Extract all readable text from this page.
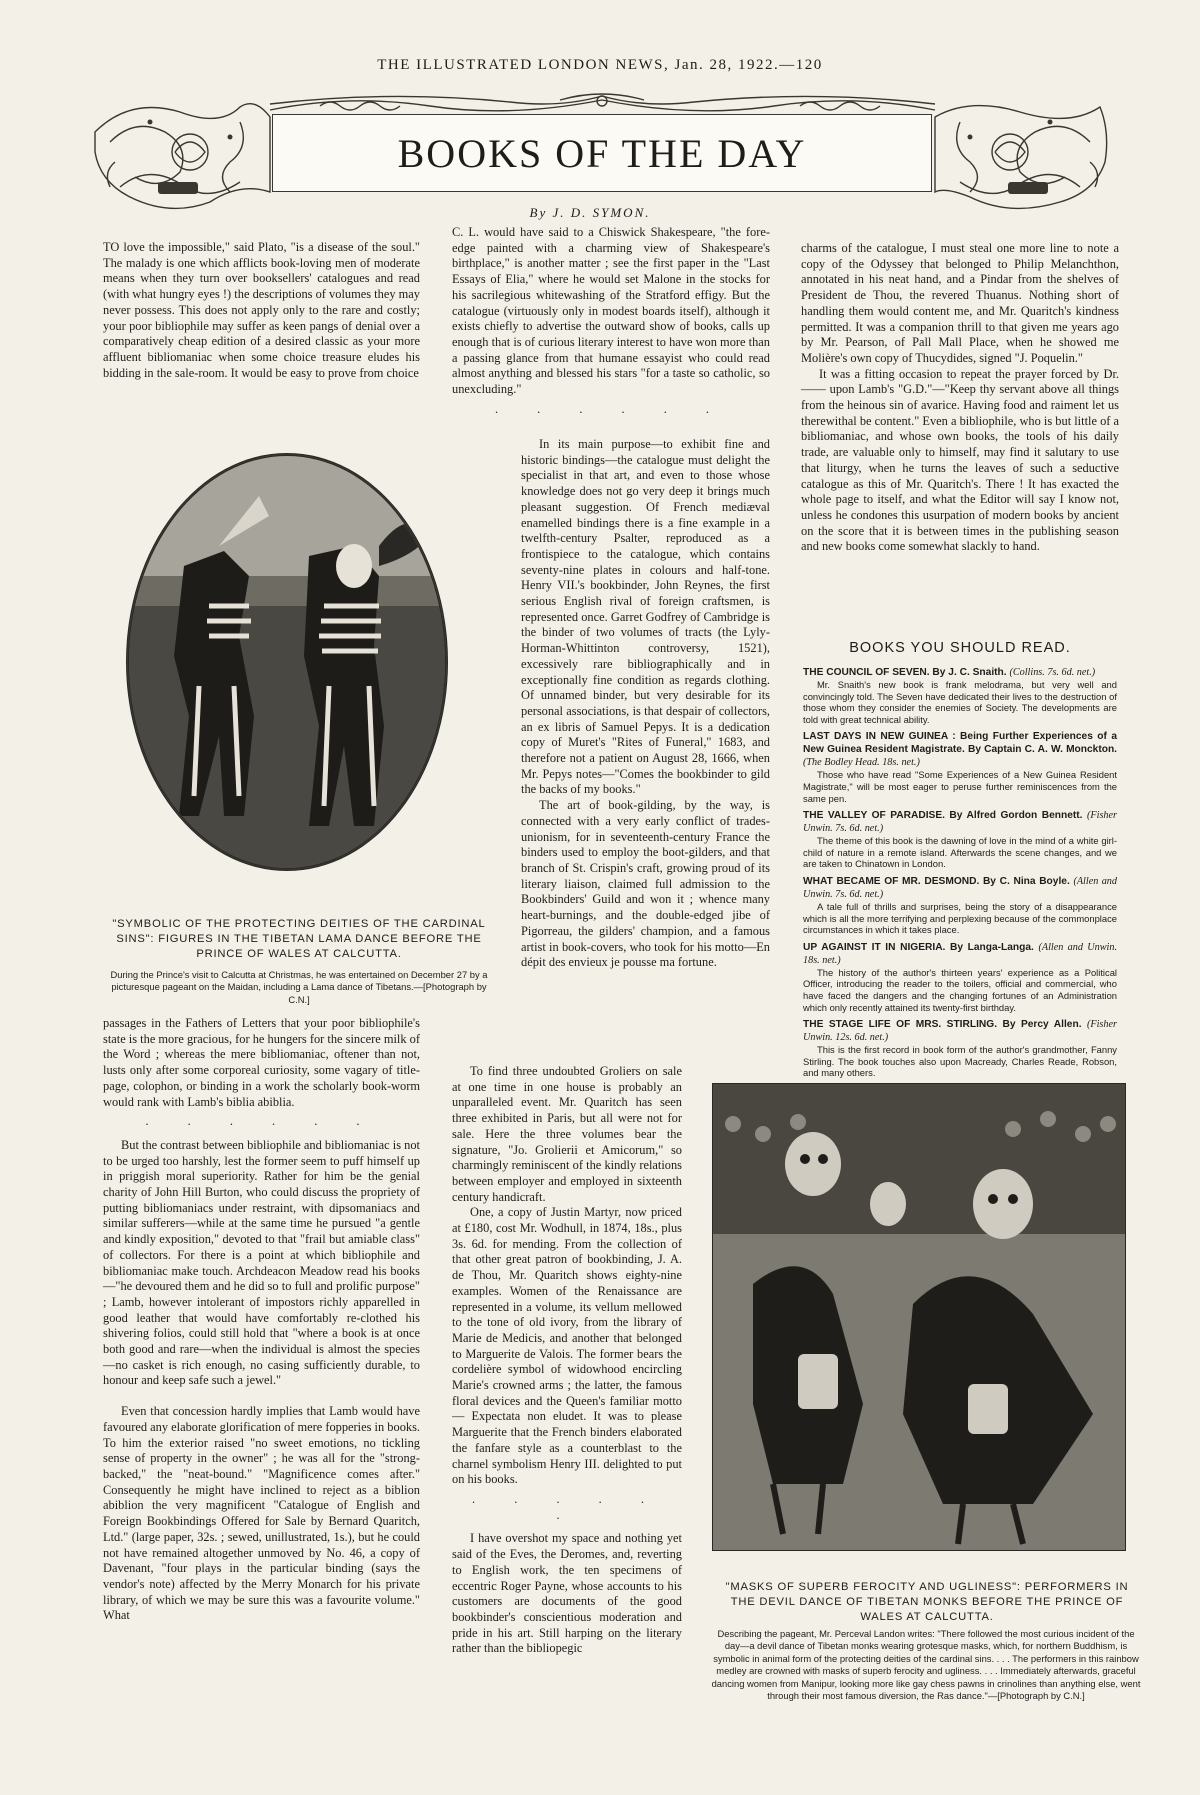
THE ILLUSTRATED LONDON NEWS, Jan. 28, 1922.—120
BOOKS OF THE DAY
By J. D. SYMON.

TO love the impossible," said Plato, "is a disease of the soul." The malady is one which afflicts book-loving men of moderate means when they turn over booksellers' catalogues and read (with what hungry eyes !) the descriptions of volumes they may never possess. This does not apply only to the rare and costly; your poor bibliophile may suffer as keen pangs of denial over a comparatively cheap edition of a desired classic as your more affluent bibliomaniac when some choice treasure eludes his bidding in the sale-room. It would be easy to prove from choice

"SYMBOLIC OF THE PROTECTING DEITIES OF THE CARDINAL SINS": FIGURES IN THE TIBETAN LAMA DANCE BEFORE THE PRINCE OF WALES AT CALCUTTA.
During the Prince's visit to Calcutta at Christmas, he was entertained on December 27 by a picturesque pageant on the Maidan, including a Lama dance of Tibetans.—[Photograph by C.N.]

passages in the Fathers of Letters that your poor bibliophile's state is the more gracious, for he hungers for the sincere milk of the Word ; whereas the mere bibliomaniac, oftener than not, lusts only after some corporeal curiosity, some vagary of title-page, colophon, or binding in a work the scholarly book-worm would rank with Lamb's biblia abiblia.

. . . . . .

But the contrast between bibliophile and bibliomaniac is not to be urged too harshly, lest the former seem to puff himself up in priggish moral superiority. Rather for him be the genial charity of John Hill Burton, who could discuss the propriety of putting bibliomaniacs under restraint, with dipsomaniacs and similar sufferers—while at the same time he pursued "a gentle and kindly exposition," devoted to that "frail but amiable class" of collectors. For there is a point at which bibliophile and bibliomaniac make touch. Archdeacon Meadow read his books—"he devoured them and he did so to full and prolific purpose" ; Lamb, however intolerant of impostors richly apparelled in good leather that would have comfortably re-clothed his shivering folios, could still hold that "where a book is at once both good and rare—when the individual is almost the species—no casket is rich enough, no casing sufficiently durable, to honour and keep safe such a jewel."

Even that concession hardly implies that Lamb would have favoured any elaborate glorification of mere fopperies in books. To him the exterior raised "no sweet emotions, no tickling sense of property in the owner" ; he was all for the "strong-backed," the "neat-bound." "Magnificence comes after." Consequently he might have inclined to reject as a biblion abiblion the very magnificent "Catalogue of English and Foreign Bookbindings Offered for Sale by Bernard Quaritch, Ltd." (large paper, 32s. ; sewed, unillustrated, 1s.), but he could not have remained altogether unmoved by No. 46, a copy of Davenant, "four plays in the particular binding (says the vendor's note) affected by the Merry Monarch for his private library, of which we may be sure this was a favourite volume." What

C. L. would have said to a Chiswick Shakespeare, "the fore-edge painted with a charming view of Shakespeare's birthplace," is another matter ; see the first paper in the "Last Essays of Elia," where he would set Malone in the stocks for his sacrilegious whitewashing of the Stratford effigy. But the catalogue (virtuously only in modest boards itself), although it exists chiefly to advertise the outward show of books, calls up enough that is of curious literary interest to have won more than a passing glance from that humane essayist who could read almost anything and blessed his stars "for a taste so catholic, so unexcluding."

. . . . . .

In its main purpose—to exhibit fine and historic bindings—the catalogue must delight the specialist in that art, and even to those whose knowledge does not go very deep it brings much pleasant suggestion. Of French mediæval enamelled bindings there is a fine example in a twelfth-century Psalter, reproduced as a frontispiece to the catalogue, which contains seventy-nine plates in colours and half-tone. Henry VII.'s bookbinder, John Reynes, the first serious English rival of foreign craftsmen, is represented once. Garret Godfrey of Cambridge is the binder of two volumes of tracts (the Lyly-Horman-Whittinton controversy, 1521), excessively rare bibliographically and in exceptionally fine condition as regards clothing. Of unnamed binder, but very desirable for its personal associations, is that despair of collectors, an ex libris of Samuel Pepys. It is a dedication copy of Muret's "Rites of Funeral," 1683, and therefore not a patient on August 28, 1666, when Mr. Pepys notes—"Comes the bookbinder to gild the backs of my books."

The art of book-gilding, by the way, is connected with a very early conflict of trades-unionism, for in seventeenth-century France the binders used to employ the boot-gilders, and that branch of St. Crispin's craft, growing proud of its literary liaison, claimed full admission to the Bookbinders' Guild and won it ; whence many heart-burnings, and the double-edged jibe of Pigorreau, the gilders' champion, and a famous artist in book-covers, who took for his motto—En dépit des envieux je pousse ma fortune.

To find three undoubted Groliers on sale at one time in one house is probably an unparalleled event. Mr. Quaritch has seen three exhibited in Paris, but all were not for sale. Here the three volumes bear the signature, "Jo. Grolierii et Amicorum," so charmingly reminiscent of the kindly relations between employer and employed in sixteenth century handicraft.

One, a copy of Justin Martyr, now priced at £180, cost Mr. Wodhull, in 1874, 18s., plus 3s. 6d. for mending. From the collection of that other great patron of bookbinding, J. A. de Thou, Mr. Quaritch shows eighty-nine examples. Women of the Renaissance are represented in a volume, its vellum mellowed to the tone of old ivory, from the library of Marie de Medicis, and another that belonged to Marguerite de Valois. The former bears the cordelière symbol of widowhood encircling Marie's crowned arms ; the latter, the famous floral devices and the Queen's familiar motto — Expectata non eludet. It was to please Marguerite that the French binders elaborated the fanfare style as a counterblast to the charnel symbolism Henry III. delighted to put on his books.

. . . . . .

I have overshot my space and nothing yet said of the Eves, the Deromes, and, reverting to English work, the ten specimens of eccentric Roger Payne, whose accounts to his customers are documents of the good bookbinder's conscientious moderation and pride in his art. Still harping on the literary rather than the bibliopegic

charms of the catalogue, I must steal one more line to note a copy of the Odyssey that belonged to Philip Melanchthon, annotated in his neat hand, and a Pindar from the shelves of President de Thou, the revered Thuanus. Nothing short of handling them would content me, and Mr. Quaritch's kindness permitted. It was a companion thrill to that given me years ago by Mr. Pearson, of Pall Mall Place, when he showed me Molière's own copy of Thucydides, signed "J. Poquelin."

It was a fitting occasion to repeat the prayer forced by Dr. —— upon Lamb's "G.D."—"Keep thy servant above all things from the heinous sin of avarice. Having food and raiment let us therewithal be content." Even a bibliophile, who is but little of a bibliomaniac, and whose own books, the tools of his daily trade, are valuable only to himself, may find it salutary to use that liturgy, when he turns the leaves of such a seductive catalogue as this of Mr. Quaritch's. There ! It has exacted the whole page to itself, and what the Editor will say I know not, unless he condones this usurpation of modern books by ancient on the score that it is between times in the publishing season and new books come somewhat slackly to hand.

BOOKS YOU SHOULD READ.
THE COUNCIL OF SEVEN. By J. C. Snaith. (Collins. 7s. 6d. net.)
Mr. Snaith's new book is frank melodrama, but very well and convincingly told. The Seven have dedicated their lives to the destruction of those whom they consider the enemies of Society. The developments are told with great technical ability.
LAST DAYS IN NEW GUINEA : Being Further Experiences of a New Guinea Resident Magistrate. By Captain C. A. W. Monckton. (The Bodley Head. 18s. net.)
Those who have read "Some Experiences of a New Guinea Resident Magistrate," will be most eager to peruse further reminiscences from the same pen.
THE VALLEY OF PARADISE. By Alfred Gordon Bennett. (Fisher Unwin. 7s. 6d. net.)
The theme of this book is the dawning of love in the mind of a white girl-child of nature in a remote island. Afterwards the scene changes, and we are taken to Chinatown in London.
WHAT BECAME OF MR. DESMOND. By C. Nina Boyle. (Allen and Unwin. 7s. 6d. net.)
A tale full of thrills and surprises, being the story of a disappearance which is all the more terrifying and perplexing because of the commonplace circumstances in which it takes place.
UP AGAINST IT IN NIGERIA. By Langa-Langa. (Allen and Unwin. 18s. net.)
The history of the author's thirteen years' experience as a Political Officer, introducing the reader to the toilers, official and commercial, who have faced the dangers and the changing fortunes of an Administration which only recently attained its twenty-first birthday.
THE STAGE LIFE OF MRS. STIRLING. By Percy Allen. (Fisher Unwin. 12s. 6d. net.)
This is the first record in book form of the author's grandmother, Fanny Stirling. The book touches also upon Macready, Charles Reade, Robson, and many others.
"MASKS OF SUPERB FEROCITY AND UGLINESS": PERFORMERS IN THE DEVIL DANCE OF TIBETAN MONKS BEFORE THE PRINCE OF WALES AT CALCUTTA.
Describing the pageant, Mr. Perceval Landon writes: "There followed the most curious incident of the day—a devil dance of Tibetan monks wearing grotesque masks, which, for northern Buddhism, is symbolic in animal form of the protecting deities of the cardinal sins. . . . The performers in this rainbow medley are crowned with masks of superb ferocity and ugliness. . . . Immediately afterwards, graceful dancing women from Manipur, looking more like gay chess pawns in crinolines than anything else, went through their most famous diversion, the Ras dance."—[Photograph by C.N.]
